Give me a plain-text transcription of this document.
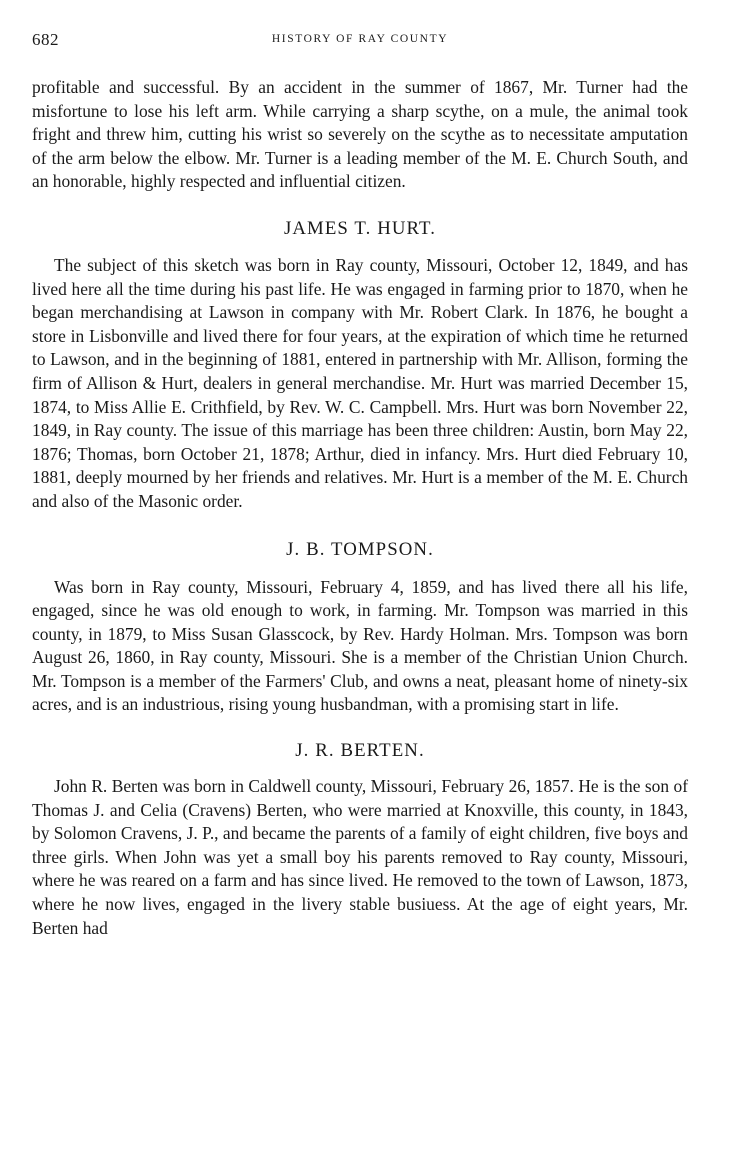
682	HISTORY OF RAY COUNTY

profitable and successful. By an accident in the summer of 1867, Mr. Turner had the misfortune to lose his left arm. While carrying a sharp scythe, on a mule, the animal took fright and threw him, cutting his wrist so severely on the scythe as to necessitate amputation of the arm below the elbow. Mr. Turner is a leading member of the M. E. Church South, and an honorable, highly respected and influential citizen.

JAMES T. HURT.

The subject of this sketch was born in Ray county, Missouri, October 12, 1849, and has lived here all the time during his past life. He was engaged in farming prior to 1870, when he began merchandising at Lawson in company with Mr. Robert Clark. In 1876, he bought a store in Lisbonville and lived there for four years, at the expiration of which time he returned to Lawson, and in the beginning of 1881, entered in partnership with Mr. Allison, forming the firm of Allison & Hurt, dealers in general merchandise. Mr. Hurt was married December 15, 1874, to Miss Allie E. Crithfield, by Rev. W. C. Campbell. Mrs. Hurt was born November 22, 1849, in Ray county. The issue of this marriage has been three children: Austin, born May 22, 1876; Thomas, born October 21, 1878; Arthur, died in infancy. Mrs. Hurt died February 10, 1881, deeply mourned by her friends and relatives. Mr. Hurt is a member of the M. E. Church and also of the Masonic order.

J. B. TOMPSON.

Was born in Ray county, Missouri, February 4, 1859, and has lived there all his life, engaged, since he was old enough to work, in farming. Mr. Tompson was married in this county, in 1879, to Miss Susan Glasscock, by Rev. Hardy Holman. Mrs. Tompson was born August 26, 1860, in Ray county, Missouri. She is a member of the Christian Union Church. Mr. Tompson is a member of the Farmers' Club, and owns a neat, pleasant home of ninety-six acres, and is an industrious, rising young husbandman, with a promising start in life.

J. R. BERTEN.

John R. Berten was born in Caldwell county, Missouri, February 26, 1857. He is the son of Thomas J. and Celia (Cravens) Berten, who were married at Knoxville, this county, in 1843, by Solomon Cravens, J. P., and became the parents of a family of eight children, five boys and three girls. When John was yet a small boy his parents removed to Ray county, Missouri, where he was reared on a farm and has since lived. He removed to the town of Lawson, 1873, where he now lives, engaged in the livery stable busiuess. At the age of eight years, Mr. Berten had
